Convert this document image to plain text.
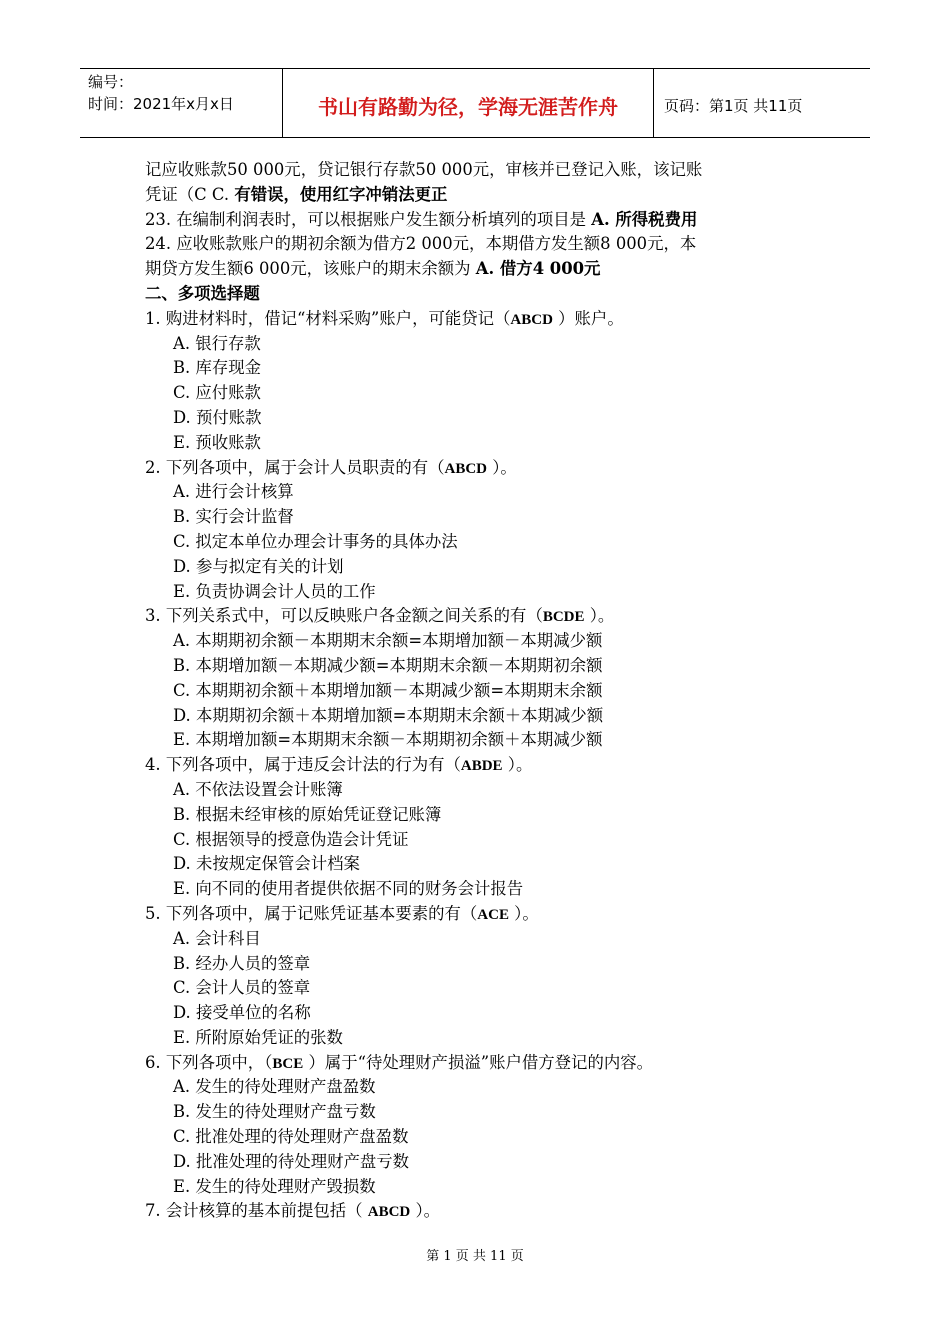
编号：
时间：2021年x月x日	书山有路勤为径，学海无涯苦作舟	页码：第1页 共11页
记应收账款50 000元，贷记银行存款50 000元，审核并已登记入账，该记账
凭证（C C. 有错误，使用红字冲销法更正
23. 在编制利润表时，可以根据账户发生额分析填列的项目是 A. 所得税费用
24. 应收账款账户的期初余额为借方2 000元，本期借方发生额8 000元，本
期贷方发生额6 000元，该账户的期末余额为 A. 借方4 000元
二、多项选择题
1. 购进材料时，借记“材料采购”账户，可能贷记（ABCD ）账户。
A. 银行存款
B. 库存现金
C. 应付账款
D. 预付账款
E. 预收账款
2. 下列各项中，属于会计人员职责的有（ABCD ）。
A. 进行会计核算
B. 实行会计监督
C. 拟定本单位办理会计事务的具体办法
D. 参与拟定有关的计划
E. 负责协调会计人员的工作
3. 下列关系式中，可以反映账户各金额之间关系的有（BCDE ）。
A. 本期期初余额－本期期末余额=本期增加额－本期减少额
B. 本期增加额－本期减少额=本期期末余额－本期期初余额
C. 本期期初余额＋本期增加额－本期减少额=本期期末余额
D. 本期期初余额＋本期增加额=本期期末余额＋本期减少额
E. 本期增加额=本期期末余额－本期期初余额＋本期减少额
4. 下列各项中，属于违反会计法的行为有（ABDE ）。
A. 不依法设置会计账簿
B. 根据未经审核的原始凭证登记账簿
C. 根据领导的授意伪造会计凭证
D. 未按规定保管会计档案
E. 向不同的使用者提供依据不同的财务会计报告
5. 下列各项中，属于记账凭证基本要素的有（ACE ）。
A. 会计科目
B. 经办人员的签章
C. 会计人员的签章
D. 接受单位的名称
E. 所附原始凭证的张数
6. 下列各项中，（BCE ）属于“待处理财产损溢”账户借方登记的内容。
A. 发生的待处理财产盘盈数
B. 发生的待处理财产盘亏数
C. 批准处理的待处理财产盘盈数
D. 批准处理的待处理财产盘亏数
E. 发生的待处理财产毁损数
7. 会计核算的基本前提包括（ ABCD ）。
第 1 页 共 11 页
